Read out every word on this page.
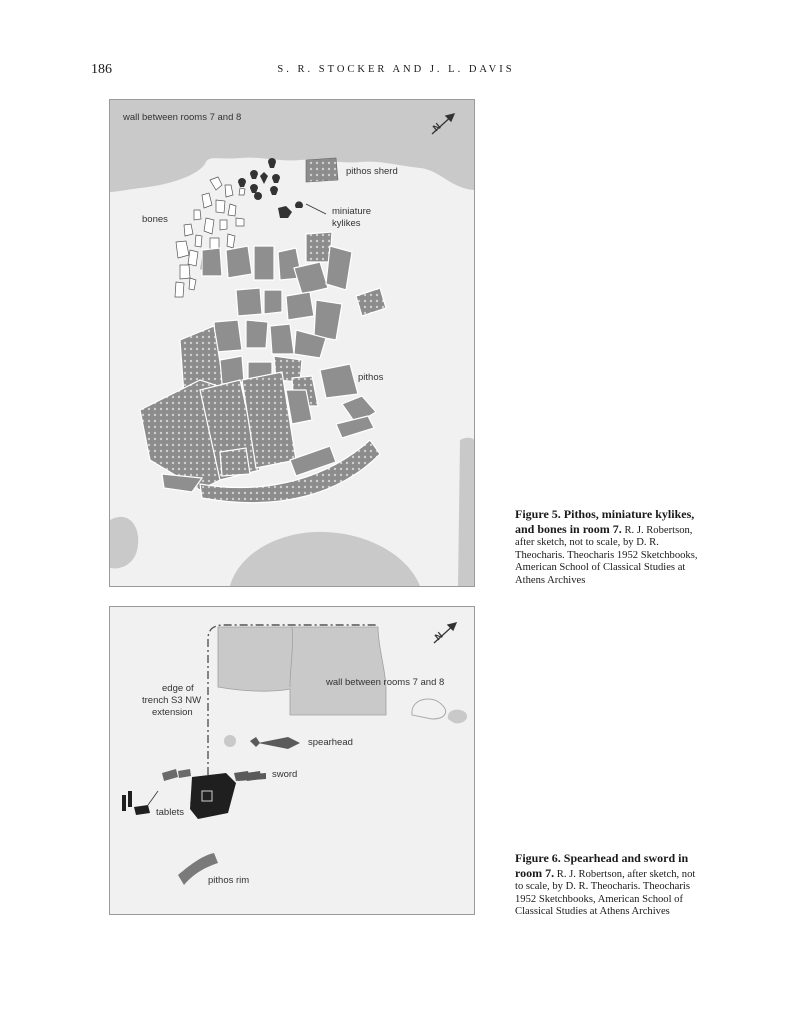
186	S. R. STOCKER AND J. L. DAVIS
wall between rooms 7 and 8
pithos sherd
bones
miniature
kylikes
pithos
N
Figure 5. Pithos, miniature kylikes, and bones in room 7. R. J. Robertson, after sketch, not to scale, by D. R. Theocharis. Theocharis 1952 Sketchbooks, American School of Classical Studies at Athens Archives
edge of
trench S3 NW
extension
wall between rooms 7 and 8
spearhead
sword
tablets
pithos rim
N
Figure 6. Spearhead and sword in room 7. R. J. Robertson, after sketch, not to scale, by D. R. Theocharis. Theocharis 1952 Sketchbooks, American School of Classical Studies at Athens Archives
